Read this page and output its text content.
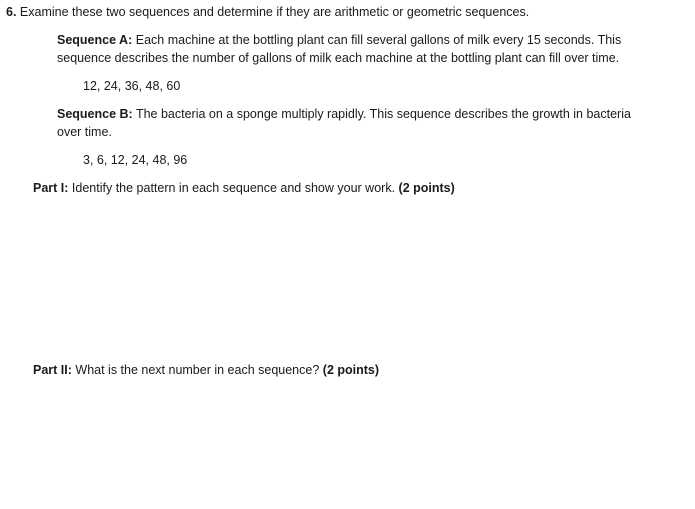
6. Examine these two sequences and determine if they are arithmetic or geometric sequences.
Sequence A: Each machine at the bottling plant can fill several gallons of milk every 15 seconds. This
sequence describes the number of gallons of milk each machine at the bottling plant can fill over time.
12, 24, 36, 48, 60
Sequence B: The bacteria on a sponge multiply rapidly. This sequence describes the growth in bacteria
over time.
3, 6, 12, 24, 48, 96
Part I: Identify the pattern in each sequence and show your work. (2 points)
Part II: What is the next number in each sequence? (2 points)
